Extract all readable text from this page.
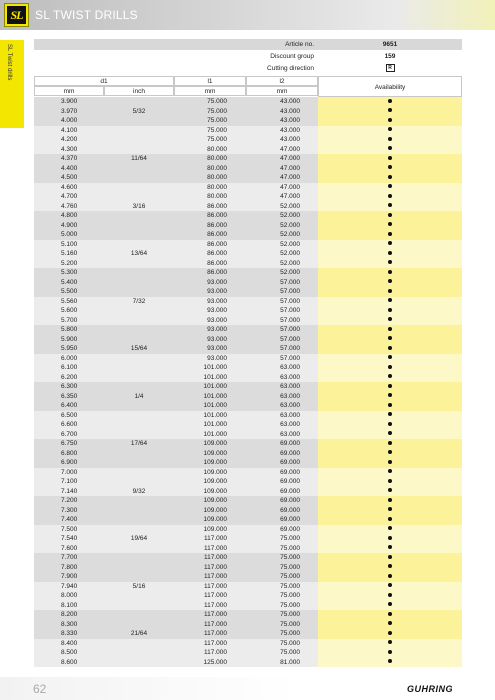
SL SL TWIST DRILLS
SL Twist drills	Article no.	9651
Discount group	159
Cutting direction	R
d1	l1	l2
mm	inch	mm	mm
Availability
3.900	75.000	43.000
3.970	5/32	75.000	43.000
4.000	75.000	43.000
4.100	75.000	43.000
4.200	75.000	43.000
4.300	80.000	47.000
4.370	11/64	80.000	47.000
4.400	80.000	47.000
4.500	80.000	47.000
4.600	80.000	47.000
4.700	80.000	47.000
4.760	3/16	86.000	52.000
4.800	86.000	52.000
4.900	86.000	52.000
5.000	86.000	52.000
5.100	86.000	52.000
5.160	13/64	86.000	52.000
5.200	86.000	52.000
5.300	86.000	52.000
5.400	93.000	57.000
5.500	93.000	57.000
5.560	7/32	93.000	57.000
5.600	93.000	57.000
5.700	93.000	57.000
5.800	93.000	57.000
5.900	93.000	57.000
5.950	15/64	93.000	57.000
6.000	93.000	57.000
6.100	101.000	63.000
6.200	101.000	63.000
6.300	101.000	63.000
6.350	1/4	101.000	63.000
6.400	101.000	63.000
6.500	101.000	63.000
6.600	101.000	63.000
6.700	101.000	63.000
6.750	17/64	109.000	69.000
6.800	109.000	69.000
6.900	109.000	69.000
7.000	109.000	69.000
7.100	109.000	69.000
7.140	9/32	109.000	69.000
7.200	109.000	69.000
7.300	109.000	69.000
7.400	109.000	69.000
7.500	109.000	69.000
7.540	19/64	117.000	75.000
7.600	117.000	75.000
7.700	117.000	75.000
7.800	117.000	75.000
7.900	117.000	75.000
7.940	5/16	117.000	75.000
8.000	117.000	75.000
8.100	117.000	75.000
8.200	117.000	75.000
8.300	117.000	75.000
8.330	21/64	117.000	75.000
8.400	117.000	75.000
8.500	117.000	75.000
8.600	125.000	81.000
62	GUHRING
